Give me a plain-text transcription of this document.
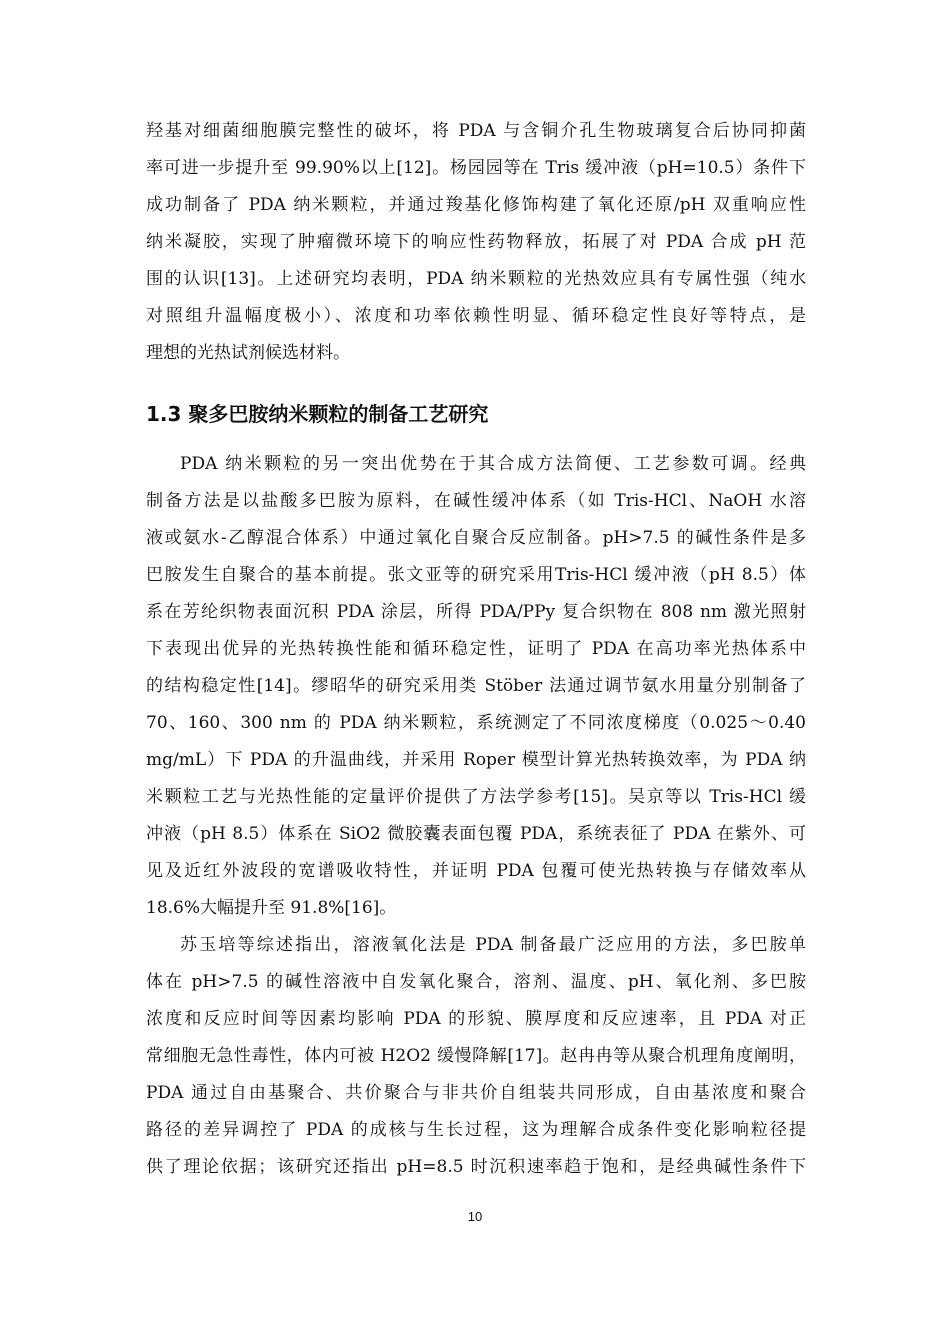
羟基对细菌细胞膜完整性的破坏，将 PDA 与含铜介孔生物玻璃复合后协同抑菌
率可进一步提升至 99.90%以上[12]。杨园园等在 Tris 缓冲液（pH=10.5）条件下
成功制备了 PDA 纳米颗粒，并通过羧基化修饰构建了氧化还原/pH 双重响应性
纳米凝胶，实现了肿瘤微环境下的响应性药物释放，拓展了对 PDA 合成 pH 范
围的认识[13]。上述研究均表明，PDA 纳米颗粒的光热效应具有专属性强（纯水
对照组升温幅度极小）、浓度和功率依赖性明显、循环稳定性良好等特点，是
理想的光热试剂候选材料。
1.3 聚多巴胺纳米颗粒的制备工艺研究
PDA 纳米颗粒的另一突出优势在于其合成方法简便、工艺参数可调。经典
制备方法是以盐酸多巴胺为原料，在碱性缓冲体系（如 Tris-HCl、NaOH 水溶
液或氨水-乙醇混合体系）中通过氧化自聚合反应制备。pH>7.5 的碱性条件是多
巴胺发生自聚合的基本前提。张文亚等的研究采用Tris-HCl 缓冲液（pH 8.5）体
系在芳纶织物表面沉积 PDA 涂层，所得 PDA/PPy 复合织物在 808 nm 激光照射
下表现出优异的光热转换性能和循环稳定性，证明了 PDA 在高功率光热体系中
的结构稳定性[14]。缪昭华的研究采用类 Stöber 法通过调节氨水用量分别制备了
70、160、300 nm 的 PDA 纳米颗粒，系统测定了不同浓度梯度（0.025～0.40
mg/mL）下 PDA 的升温曲线，并采用 Roper 模型计算光热转换效率，为 PDA 纳
米颗粒工艺与光热性能的定量评价提供了方法学参考[15]。吴京等以 Tris-HCl 缓
冲液（pH 8.5）体系在 SiO2 微胶囊表面包覆 PDA，系统表征了 PDA 在紫外、可
见及近红外波段的宽谱吸收特性，并证明 PDA 包覆可使光热转换与存储效率从
18.6%大幅提升至 91.8%[16]。
苏玉培等综述指出，溶液氧化法是 PDA 制备最广泛应用的方法，多巴胺单
体在 pH>7.5 的碱性溶液中自发氧化聚合，溶剂、温度、pH、氧化剂、多巴胺
浓度和反应时间等因素均影响 PDA 的形貌、膜厚度和反应速率，且 PDA 对正
常细胞无急性毒性，体内可被 H2O2 缓慢降解[17]。赵冉冉等从聚合机理角度阐明，
PDA 通过自由基聚合、共价聚合与非共价自组装共同形成，自由基浓度和聚合
路径的差异调控了 PDA 的成核与生长过程，这为理解合成条件变化影响粒径提
供了理论依据；该研究还指出 pH=8.5 时沉积速率趋于饱和，是经典碱性条件下
10
